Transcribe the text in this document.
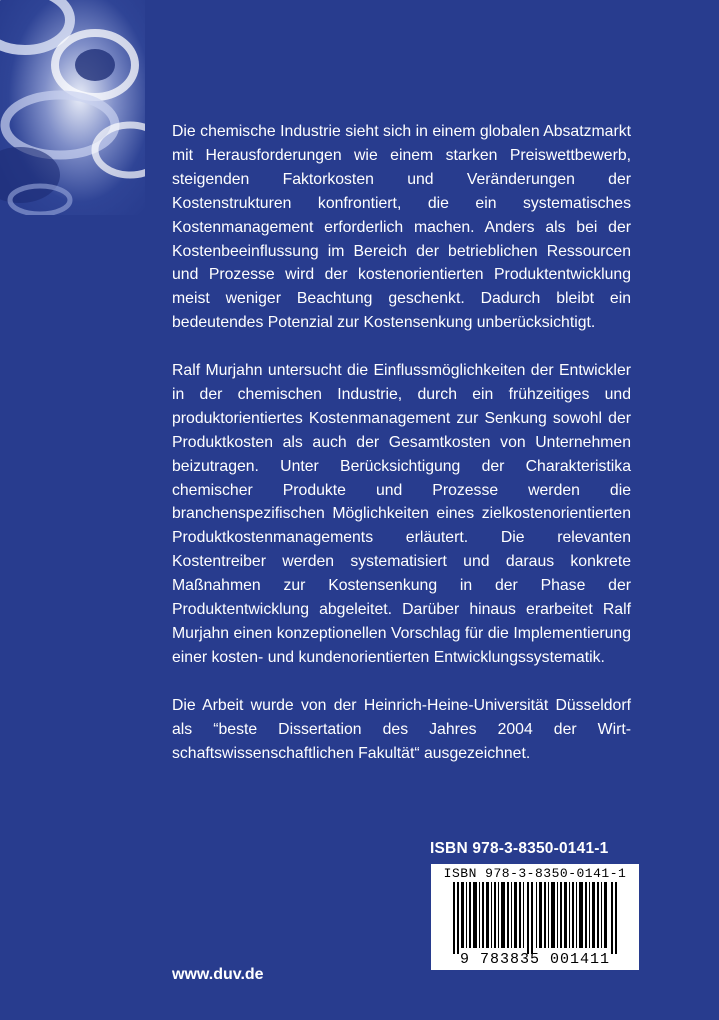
Die chemische Industrie sieht sich in einem globalen Absatzmarkt mit Herausforderungen wie einem starken Preiswettbewerb, steigenden Faktorkosten und Veränderungen der Kostenstrukturen konfrontiert, die ein systematisches Kostenmanagement erforderlich machen. Anders als bei der Kostenbeeinflussung im Bereich der betrieblichen Ressourcen und Prozesse wird der kostenorientierten Produktentwicklung meist weniger Beachtung geschenkt. Dadurch bleibt ein bedeutendes Potenzial zur Kostensenkung unberücksichtigt.

Ralf Murjahn untersucht die Einflussmöglichkeiten der Entwickler in der chemischen Industrie, durch ein frühzeitiges und produktorientiertes Kostenmanagement zur Senkung sowohl der Produktkosten als auch der Gesamtkosten von Unternehmen beizutragen. Unter Berücksichtigung der Charakteristika chemischer Produkte und Prozesse werden die branchenspezifischen Möglichkeiten eines zielkostenorientierten Produktkostenmanagements erläutert. Die relevanten Kostentreiber werden systematisiert und daraus konkrete Maßnahmen zur Kostensenkung in der Phase der Produktentwicklung abgeleitet. Darüber hinaus erarbeitet Ralf Murjahn einen konzeptionellen Vorschlag für die Implementierung einer kosten- und kundenorientierten Entwicklungssystematik.

Die Arbeit wurde von der Heinrich-Heine-Universität Düsseldorf als “beste Dissertation des Jahres 2004 der Wirtschaftswissenschaftlichen Fakultät“ ausgezeichnet.

ISBN 978-3-8350-0141-1
ISBN 978-3-8350-0141-1
9 783835 001411
www.duv.de
